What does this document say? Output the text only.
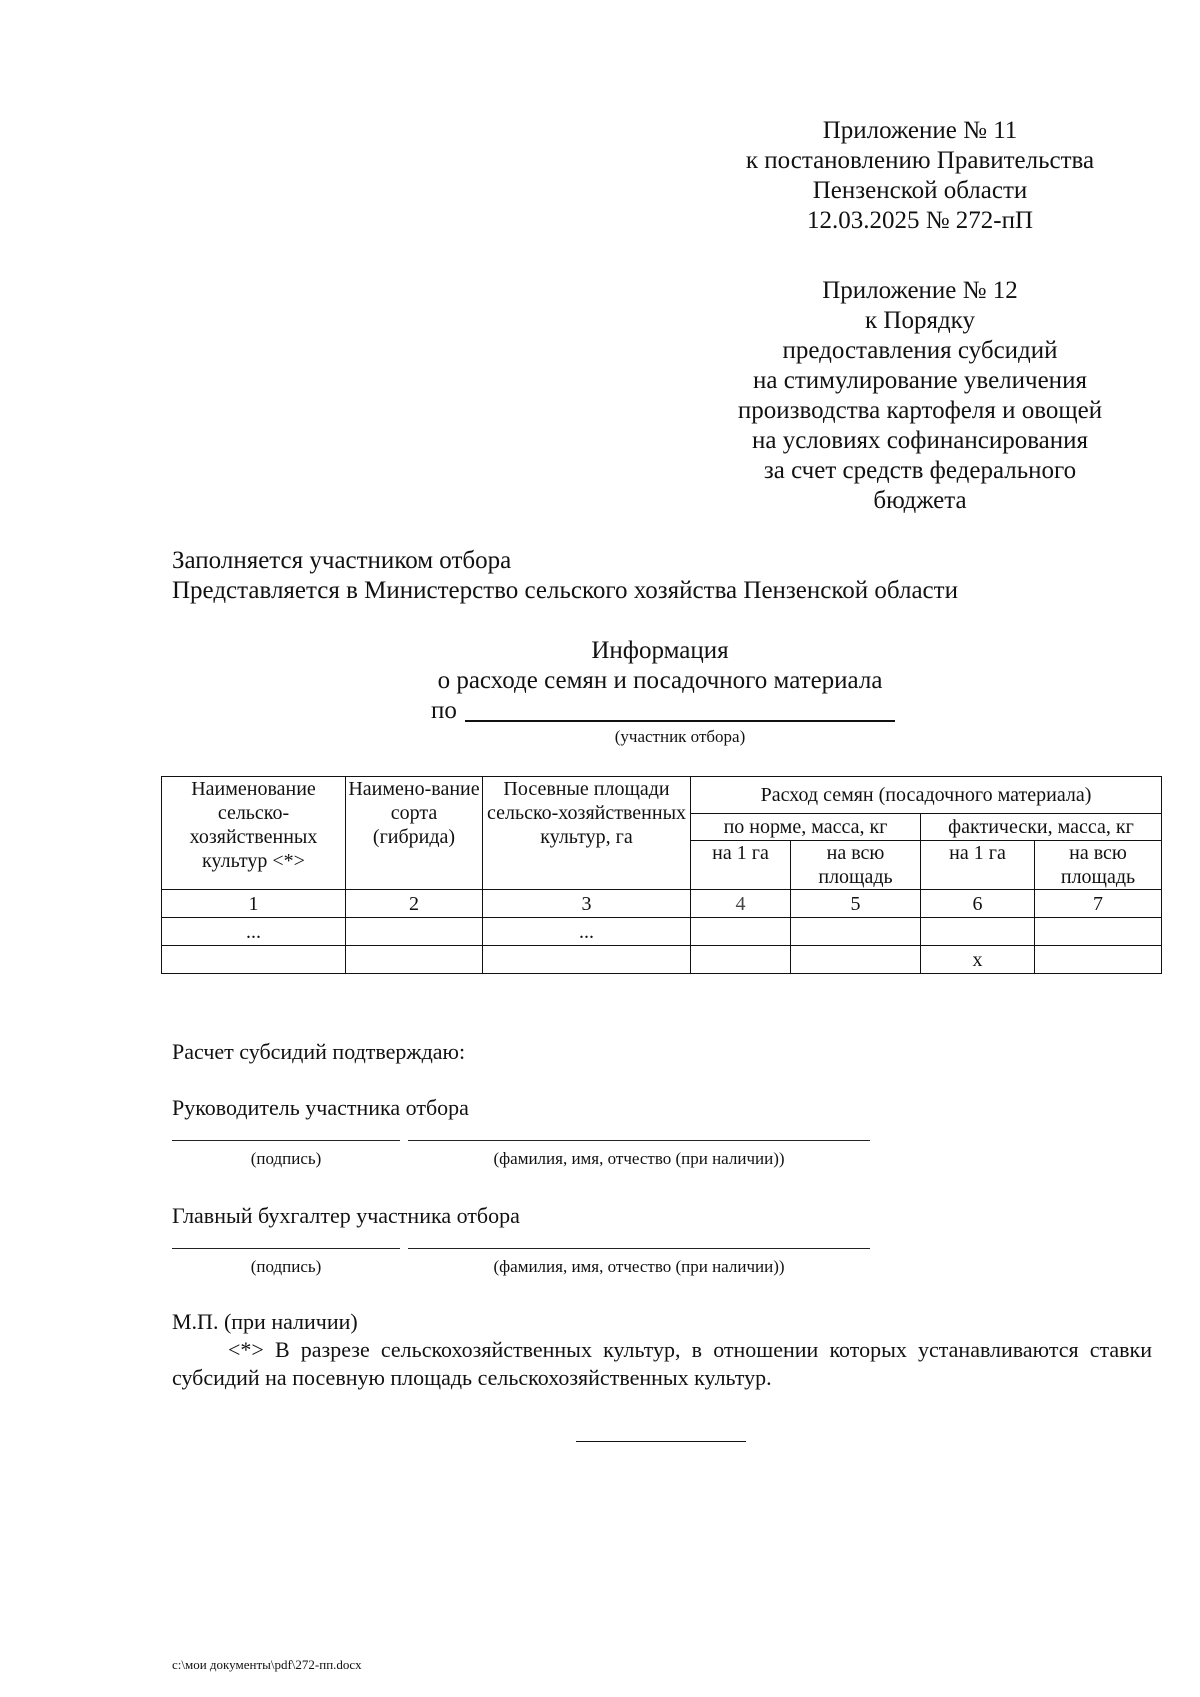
Приложение № 11
к постановлению Правительства
Пензенской области
12.03.2025 № 272-пП
Приложение № 12
к Порядку
предоставления субсидий
на стимулирование увеличения
производства картофеля и овощей
на условиях софинансирования
за счет средств федерального
бюджета
Заполняется участником отбора
Представляется в Министерство сельского хозяйства Пензенской области
Информация
о расходе семян и посадочного материала
по
(участник отбора)
Наименование сельско-хозяйственных культур <*>	Наимено-вание сорта (гибрида)	Посевные площади сельско-хозяйственных культур, га	Расход семян (посадочного материала)			
			по норме, масса, кг		фактически, масса, кг	
			на 1 га	на всю площадь	на 1 га	на всю площадь
1	2	3	4	5	6	7
...		...				
					х	
Расчет субсидий подтверждаю:
Руководитель участника отбора
(подпись)	(фамилия, имя, отчество (при наличии))
Главный бухгалтер участника отбора
(подпись)	(фамилия, имя, отчество (при наличии))
М.П. (при наличии)
<*> В разрезе сельскохозяйственных культур, в отношении которых устанавливаются ставки субсидий на посевную площадь сельскохозяйственных культур.
c:\мои документы\pdf\272-пп.docx
